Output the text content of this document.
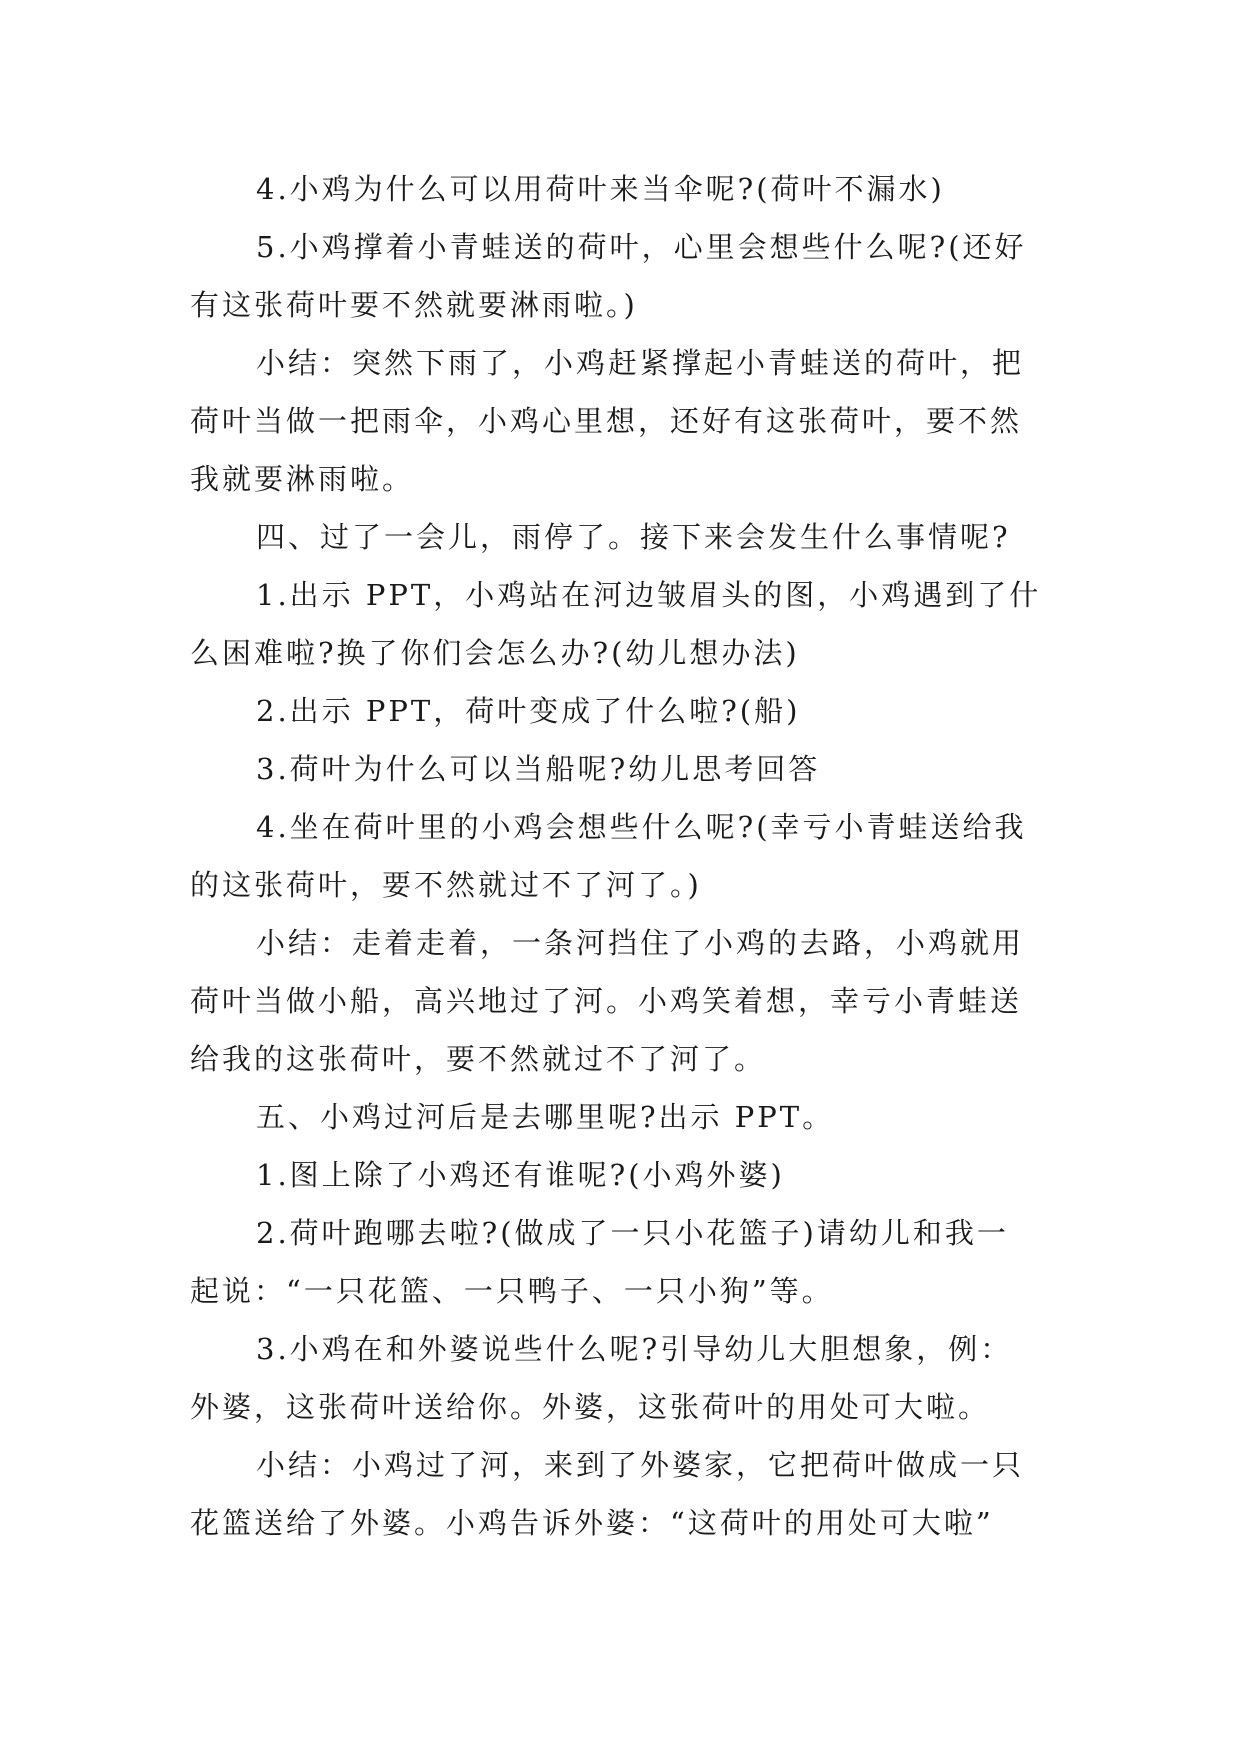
4.小鸡为什么可以用荷叶来当伞呢?(荷叶不漏水)

5.小鸡撑着小青蛙送的荷叶，心里会想些什么呢?(还好
有这张荷叶要不然就要淋雨啦。)

小结：突然下雨了，小鸡赶紧撑起小青蛙送的荷叶，把
荷叶当做一把雨伞，小鸡心里想，还好有这张荷叶，要不然
我就要淋雨啦。

四、过了一会儿，雨停了。接下来会发生什么事情呢?

1.出示 PPT，小鸡站在河边皱眉头的图，小鸡遇到了什
么困难啦?换了你们会怎么办?(幼儿想办法)

2.出示 PPT，荷叶变成了什么啦?(船)

3.荷叶为什么可以当船呢?幼儿思考回答

4.坐在荷叶里的小鸡会想些什么呢?(幸亏小青蛙送给我
的这张荷叶，要不然就过不了河了。)

小结：走着走着，一条河挡住了小鸡的去路，小鸡就用
荷叶当做小船，高兴地过了河。小鸡笑着想，幸亏小青蛙送
给我的这张荷叶，要不然就过不了河了。

五、小鸡过河后是去哪里呢?出示 PPT。

1.图上除了小鸡还有谁呢?(小鸡外婆)

2.荷叶跑哪去啦?(做成了一只小花篮子)请幼儿和我一
起说：“一只花篮、一只鸭子、一只小狗”等。

3.小鸡在和外婆说些什么呢?引导幼儿大胆想象，例：
外婆，这张荷叶送给你。外婆，这张荷叶的用处可大啦。

小结：小鸡过了河，来到了外婆家，它把荷叶做成一只
花篮送给了外婆。小鸡告诉外婆：“这荷叶的用处可大啦”
